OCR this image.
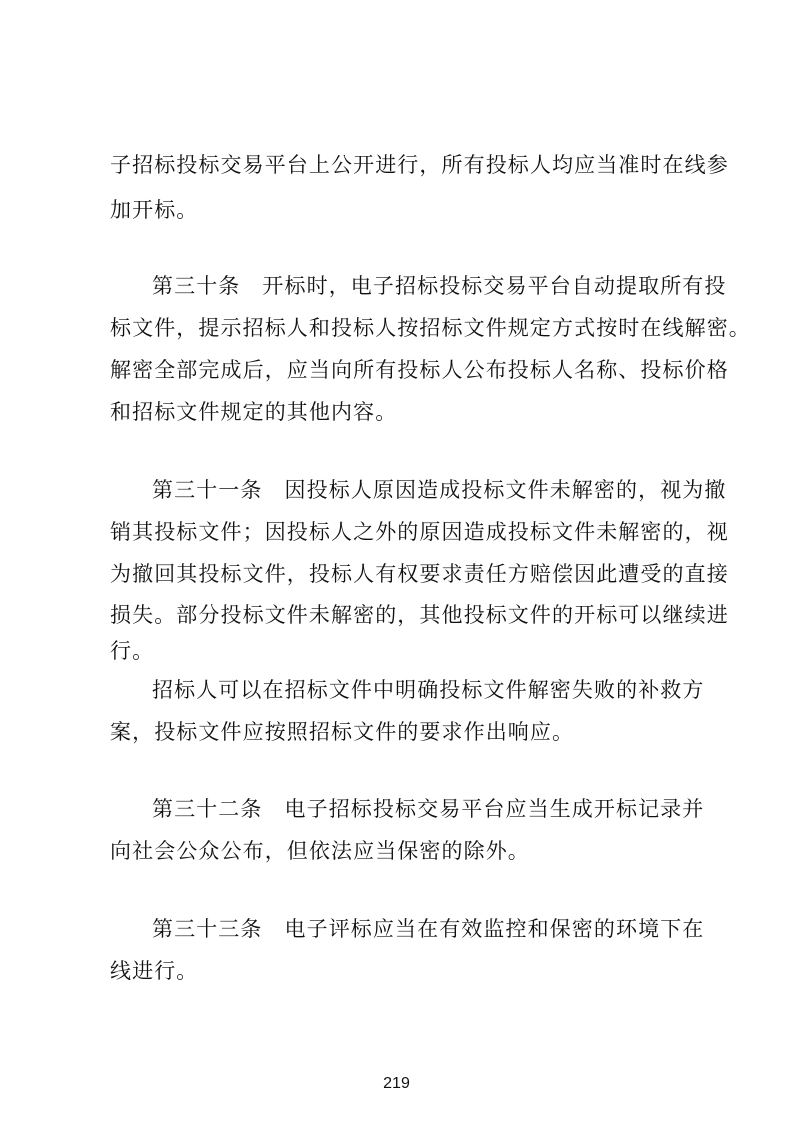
子招标投标交易平台上公开进行，所有投标人均应当准时在线参
加开标。
第三十条 开标时，电子招标投标交易平台自动提取所有投
标文件，提示招标人和投标人按招标文件规定方式按时在线解密。
解密全部完成后，应当向所有投标人公布投标人名称、投标价格
和招标文件规定的其他内容。
第三十一条 因投标人原因造成投标文件未解密的，视为撤
销其投标文件；因投标人之外的原因造成投标文件未解密的，视
为撤回其投标文件，投标人有权要求责任方赔偿因此遭受的直接
损失。部分投标文件未解密的，其他投标文件的开标可以继续进
行。
招标人可以在招标文件中明确投标文件解密失败的补救方
案，投标文件应按照招标文件的要求作出响应。
第三十二条 电子招标投标交易平台应当生成开标记录并
向社会公众公布，但依法应当保密的除外。
第三十三条 电子评标应当在有效监控和保密的环境下在
线进行。
219
